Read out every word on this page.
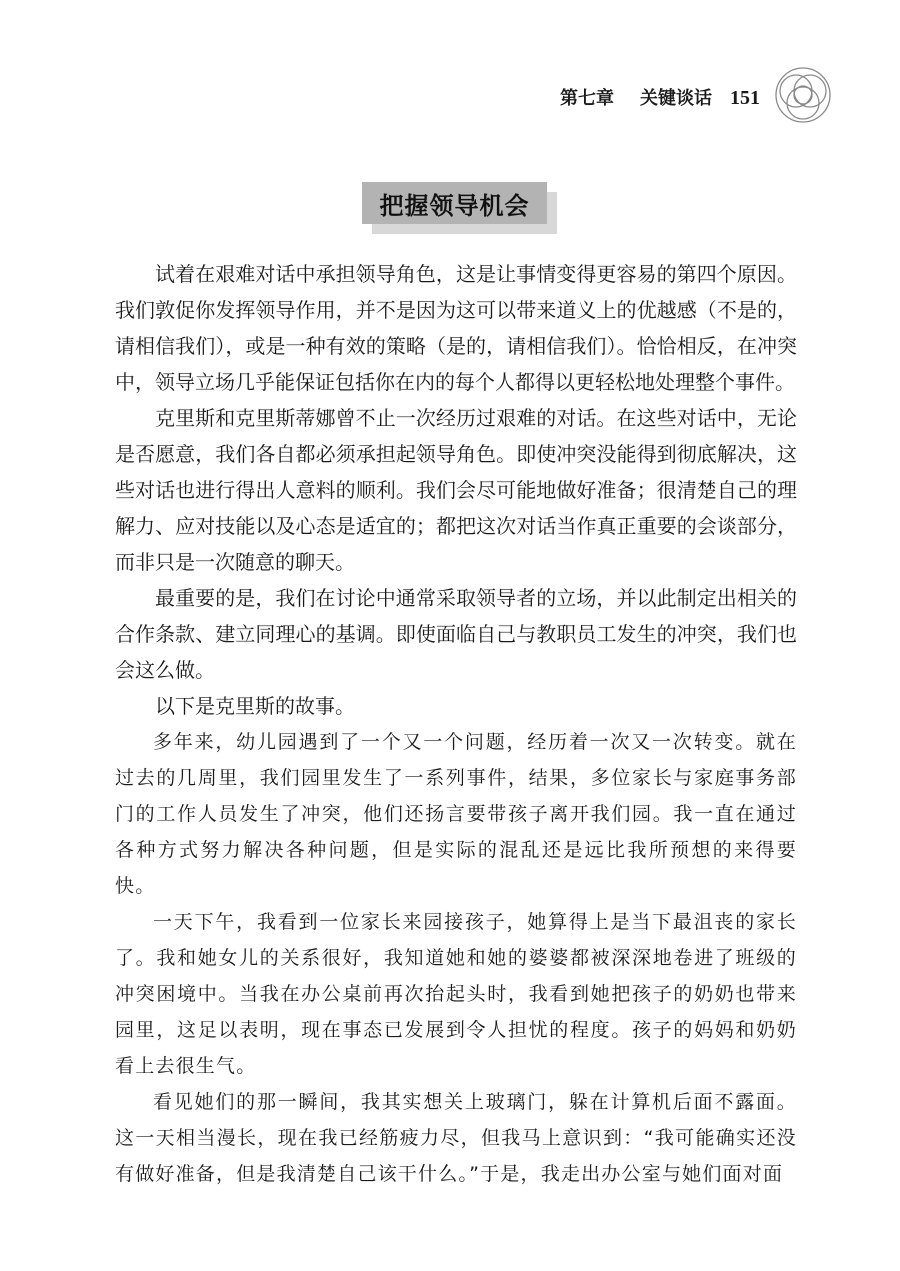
第七章 关键谈话 151
把握领导机会

试着在艰难对话中承担领导角色，这是让事情变得更容易的第四个原因。我们敦促你发挥领导作用，并不是因为这可以带来道义上的优越感（不是的，请相信我们），或是一种有效的策略（是的，请相信我们）。恰恰相反，在冲突中，领导立场几乎能保证包括你在内的每个人都得以更轻松地处理整个事件。

克里斯和克里斯蒂娜曾不止一次经历过艰难的对话。在这些对话中，无论是否愿意，我们各自都必须承担起领导角色。即使冲突没能得到彻底解决，这些对话也进行得出人意料的顺利。我们会尽可能地做好准备；很清楚自己的理解力、应对技能以及心态是适宜的；都把这次对话当作真正重要的会谈部分，而非只是一次随意的聊天。

最重要的是，我们在讨论中通常采取领导者的立场，并以此制定出相关的合作条款、建立同理心的基调。即使面临自己与教职员工发生的冲突，我们也会这么做。

以下是克里斯的故事。

多年来，幼儿园遇到了一个又一个问题，经历着一次又一次转变。就在过去的几周里，我们园里发生了一系列事件，结果，多位家长与家庭事务部门的工作人员发生了冲突，他们还扬言要带孩子离开我们园。我一直在通过各种方式努力解决各种问题，但是实际的混乱还是远比我所预想的来得要快。

一天下午，我看到一位家长来园接孩子，她算得上是当下最沮丧的家长了。我和她女儿的关系很好，我知道她和她的婆婆都被深深地卷进了班级的冲突困境中。当我在办公桌前再次抬起头时，我看到她把孩子的奶奶也带来园里，这足以表明，现在事态已发展到令人担忧的程度。孩子的妈妈和奶奶看上去很生气。

看见她们的那一瞬间，我其实想关上玻璃门，躲在计算机后面不露面。这一天相当漫长，现在我已经筋疲力尽，但我马上意识到：“我可能确实还没有做好准备，但是我清楚自己该干什么。”于是，我走出办公室与她们面对面
